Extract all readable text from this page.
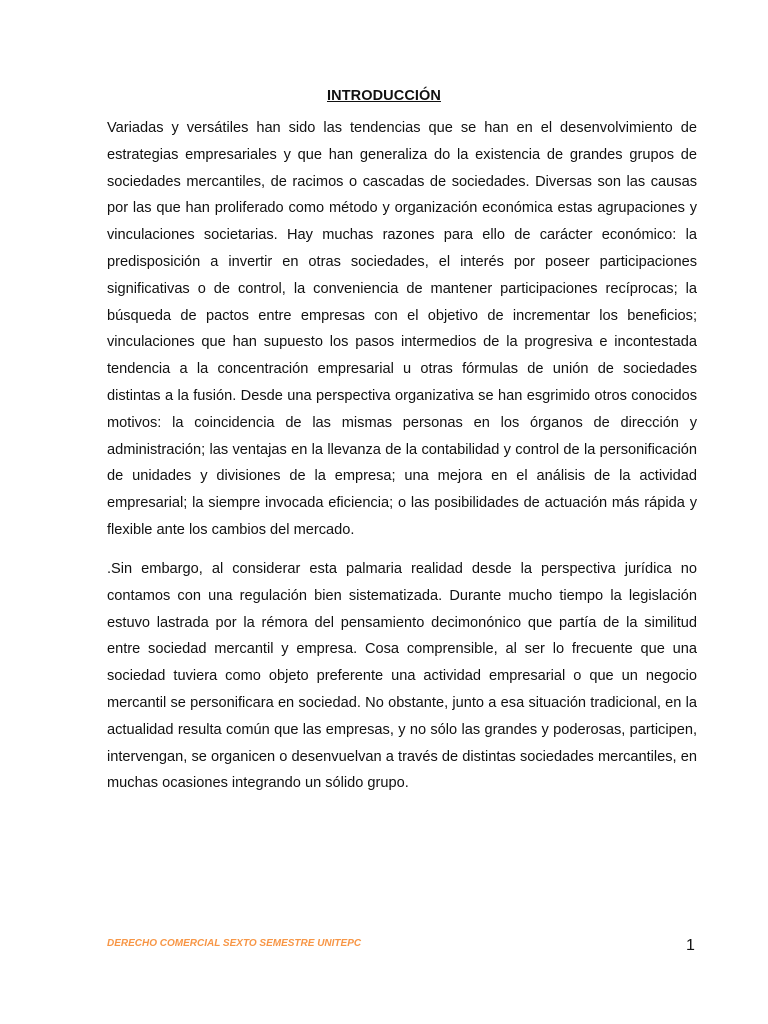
INTRODUCCIÓN

Variadas y versátiles han sido las tendencias que se han en el desenvolvimiento de estrategias empresariales y que han generaliza do la existencia de grandes grupos de sociedades mercantiles, de racimos o cascadas de sociedades. Diversas son las causas por las que han proliferado como método y organización económica estas agrupaciones y vinculaciones societarias. Hay muchas razones para ello de carácter económico: la predisposición a invertir en otras sociedades, el interés por poseer participaciones significativas o de control, la conveniencia de mantener participaciones recíprocas; la búsqueda de pactos entre empresas con el objetivo de incrementar los beneficios; vinculaciones que han supuesto los pasos intermedios de la progresiva e incontestada tendencia a la concentración empresarial u otras fórmulas de unión de sociedades distintas a la fusión. Desde una perspectiva organizativa se han esgrimido otros conocidos motivos: la coincidencia de las mismas personas en los órganos de dirección y administración; las ventajas en la llevanza de la contabilidad y control de la personificación de unidades y divisiones de la empresa; una mejora en el análisis de la actividad empresarial; la siempre invocada eficiencia; o las posibilidades de actuación más rápida y flexible ante los cambios del mercado.

.Sin embargo, al considerar esta palmaria realidad desde la perspectiva jurídica no contamos con una regulación bien sistematizada. Durante mucho tiempo la legislación estuvo lastrada por la rémora del pensamiento decimonónico que partía de la similitud entre sociedad mercantil y empresa. Cosa comprensible, al ser lo frecuente que una sociedad tuviera como objeto preferente una actividad empresarial o que un negocio mercantil se personificara en sociedad. No obstante, junto a esa situación tradicional, en la actualidad resulta común que las empresas, y no sólo las grandes y poderosas, participen, intervengan, se organicen o desenvuelvan a través de distintas sociedades mercantiles, en muchas ocasiones integrando un sólido grupo.

DERECHO COMERCIAL SEXTO SEMESTRE UNITEPC	1
